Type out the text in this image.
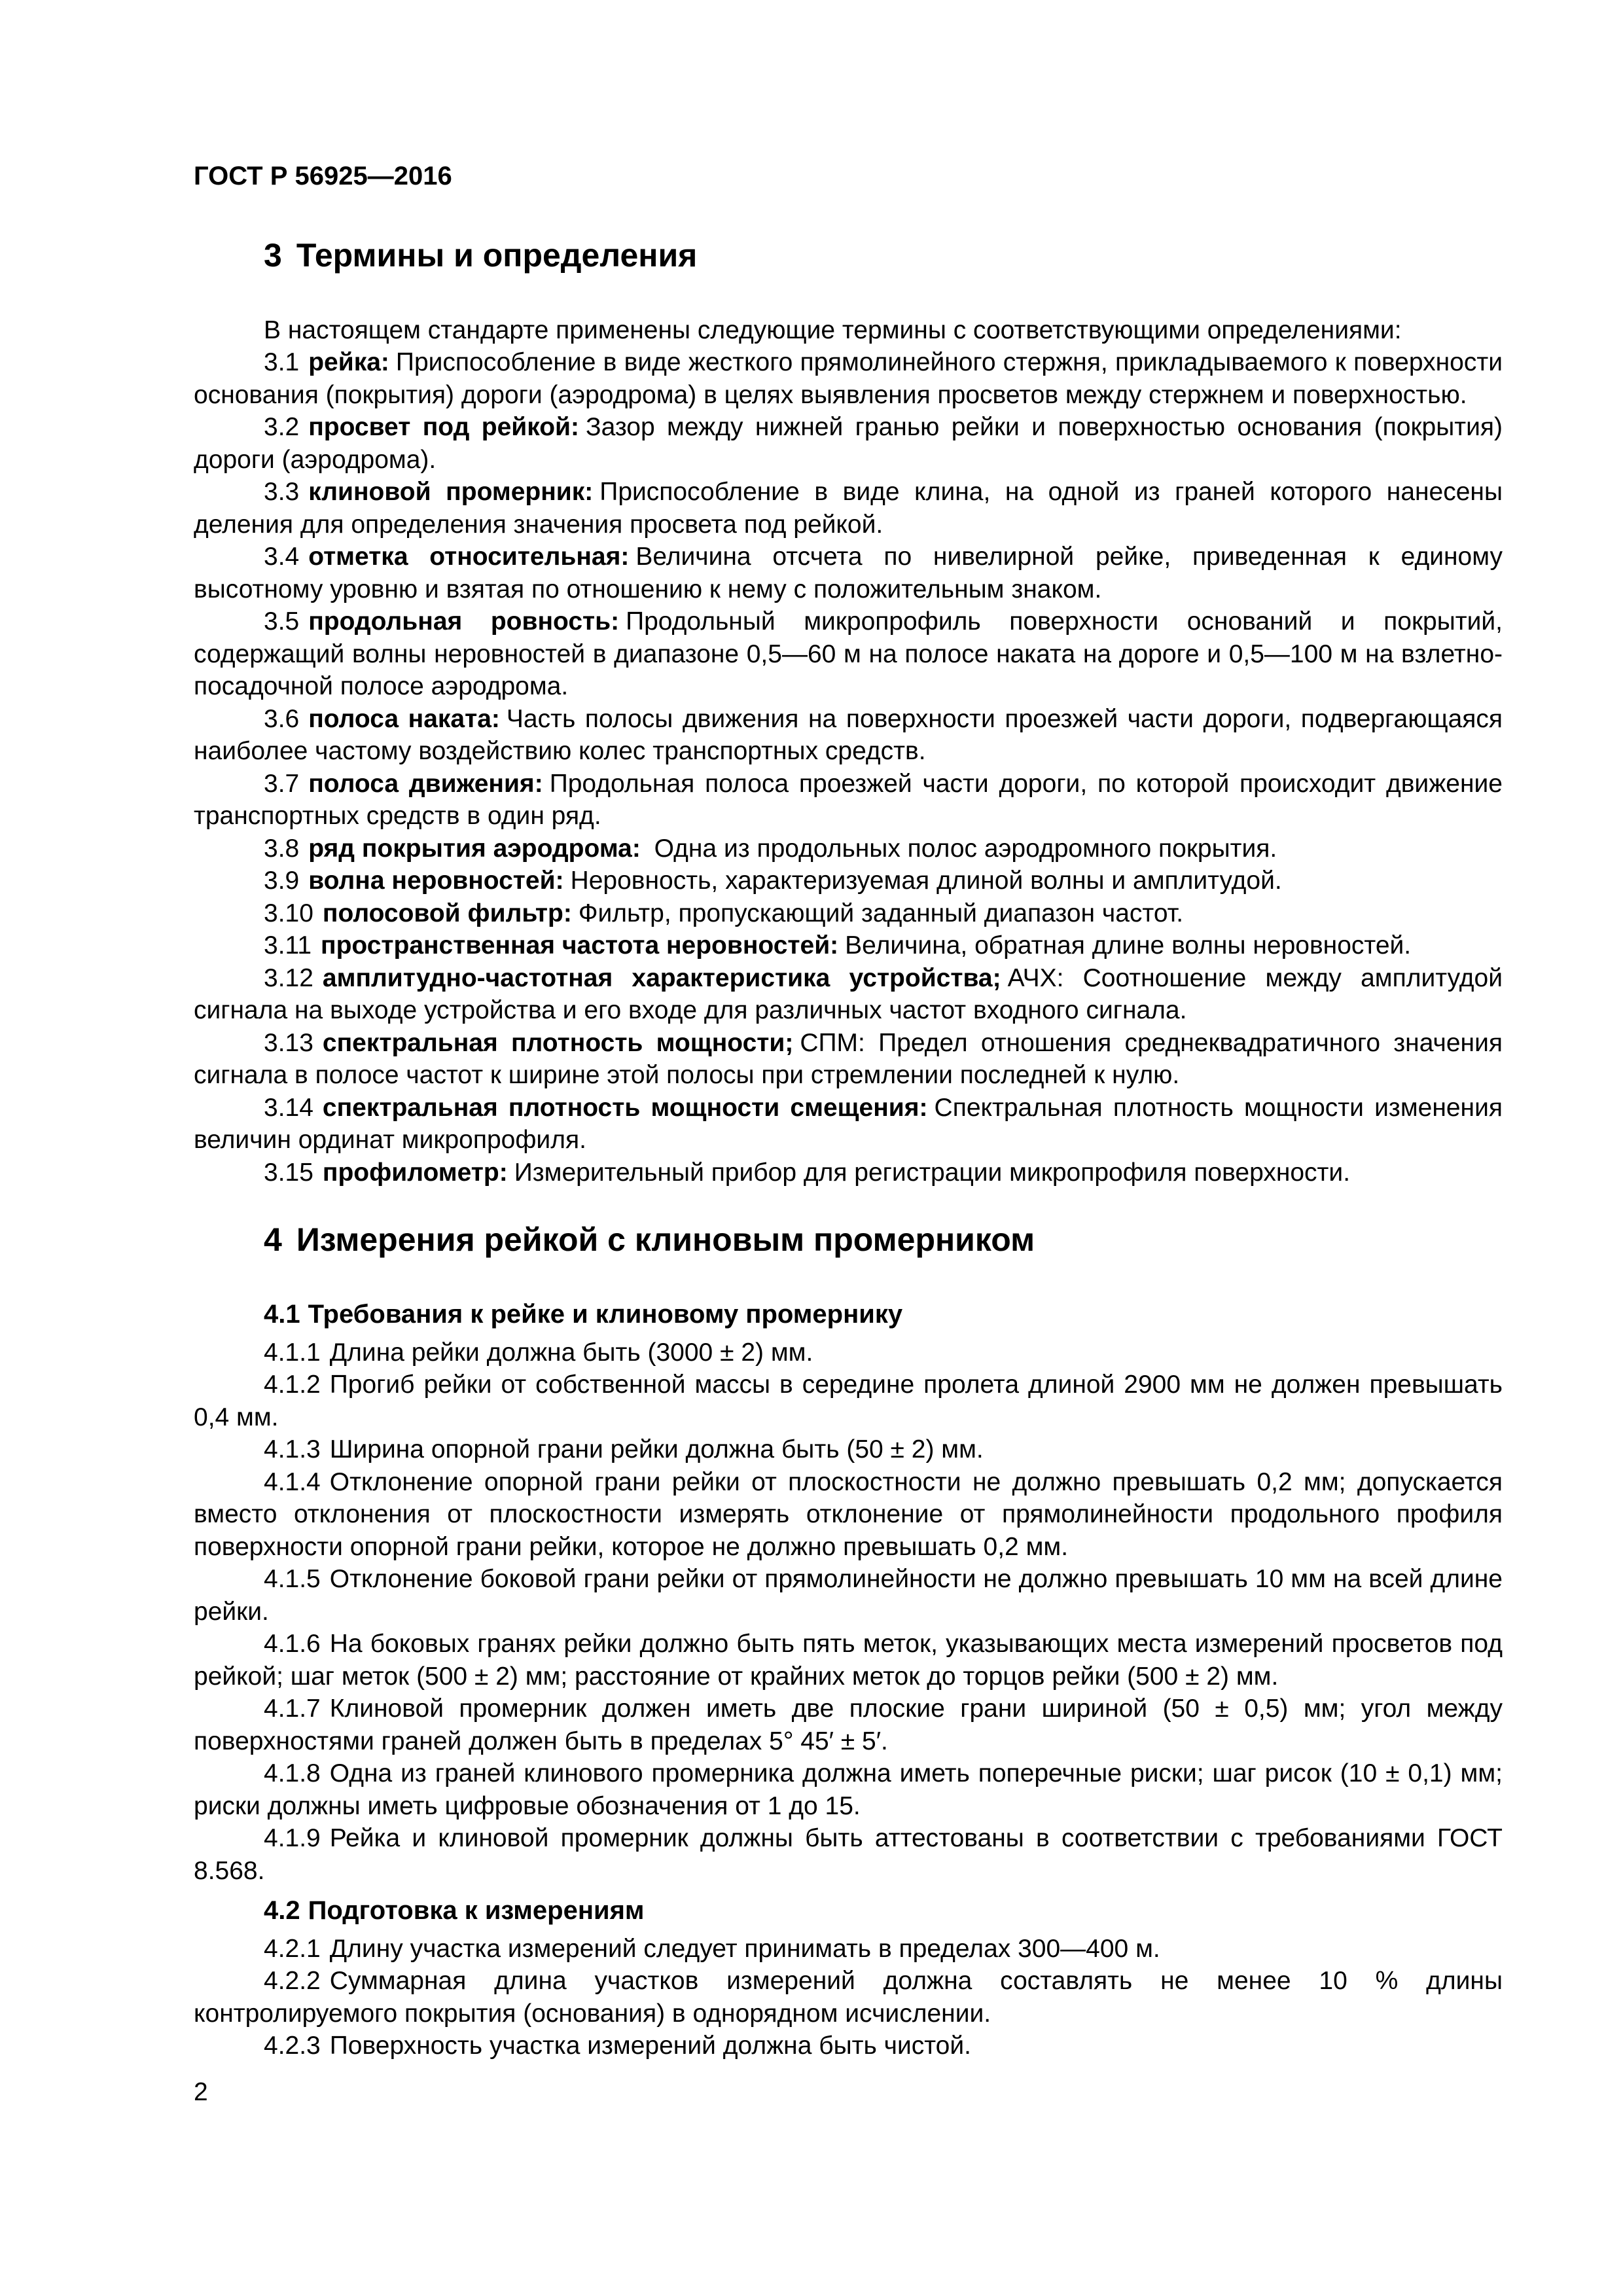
ГОСТ Р 56925—2016
3 Термины и определения

В настоящем стандарте применены следующие термины с соответствующими определениями:

3.1 рейка: Приспособление в виде жесткого прямолинейного стержня, прикладываемого к поверхности основания (покрытия) дороги (аэродрома) в целях выявления просветов между стержнем и поверхностью.

3.2 просвет под рейкой: Зазор между нижней гранью рейки и поверхностью основания (покрытия) дороги (аэродрома).

3.3 клиновой промерник: Приспособление в виде клина, на одной из граней которого нанесены деления для определения значения просвета под рейкой.

3.4 отметка относительная: Величина отсчета по нивелирной рейке, приведенная к единому высотному уровню и взятая по отношению к нему с положительным знаком.

3.5 продольная ровность: Продольный микропрофиль поверхности оснований и покрытий, содержащий волны неровностей в диапазоне 0,5—60 м на полосе наката на дороге и 0,5—100 м на взлетно-посадочной полосе аэродрома.

3.6 полоса наката: Часть полосы движения на поверхности проезжей части дороги, подвергающаяся наиболее частому воздействию колес транспортных средств.

3.7 полоса движения: Продольная полоса проезжей части дороги, по которой происходит движение транспортных средств в один ряд.

3.8 ряд покрытия аэродрома: Одна из продольных полос аэродромного покрытия.

3.9 волна неровностей: Неровность, характеризуемая длиной волны и амплитудой.

3.10 полосовой фильтр: Фильтр, пропускающий заданный диапазон частот.

3.11 пространственная частота неровностей: Величина, обратная длине волны неровностей.

3.12 амплитудно-частотная характеристика устройства; АЧХ: Соотношение между амплитудой сигнала на выходе устройства и его входе для различных частот входного сигнала.

3.13 спектральная плотность мощности; СПМ: Предел отношения среднеквадратичного значения сигнала в полосе частот к ширине этой полосы при стремлении последней к нулю.

3.14 спектральная плотность мощности смещения: Спектральная плотность мощности изменения величин ординат микропрофиля.

3.15 профилометр: Измерительный прибор для регистрации микропрофиля поверхности.

4 Измерения рейкой с клиновым промерником
4.1 Требования к рейке и клиновому промернику

4.1.1 Длина рейки должна быть (3000 ± 2) мм.

4.1.2 Прогиб рейки от собственной массы в середине пролета длиной 2900 мм не должен превышать 0,4 мм.

4.1.3 Ширина опорной грани рейки должна быть (50 ± 2) мм.

4.1.4 Отклонение опорной грани рейки от плоскостности не должно превышать 0,2 мм; допускается вместо отклонения от плоскостности измерять отклонение от прямолинейности продольного профиля поверхности опорной грани рейки, которое не должно превышать 0,2 мм.

4.1.5 Отклонение боковой грани рейки от прямолинейности не должно превышать 10 мм на всей длине рейки.

4.1.6 На боковых гранях рейки должно быть пять меток, указывающих места измерений просветов под рейкой; шаг меток (500 ± 2) мм; расстояние от крайних меток до торцов рейки (500 ± 2) мм.

4.1.7 Клиновой промерник должен иметь две плоские грани шириной (50 ± 0,5) мм; угол между поверхностями граней должен быть в пределах 5° 45′ ± 5′.

4.1.8 Одна из граней клинового промерника должна иметь поперечные риски; шаг рисок (10 ± 0,1) мм; риски должны иметь цифровые обозначения от 1 до 15.

4.1.9 Рейка и клиновой промерник должны быть аттестованы в соответствии с требованиями ГОСТ 8.568.

4.2 Подготовка к измерениям

4.2.1 Длину участка измерений следует принимать в пределах 300—400 м.

4.2.2 Суммарная длина участков измерений должна составлять не менее 10 % длины контролируемого покрытия (основания) в однорядном исчислении.

4.2.3 Поверхность участка измерений должна быть чистой.

2
